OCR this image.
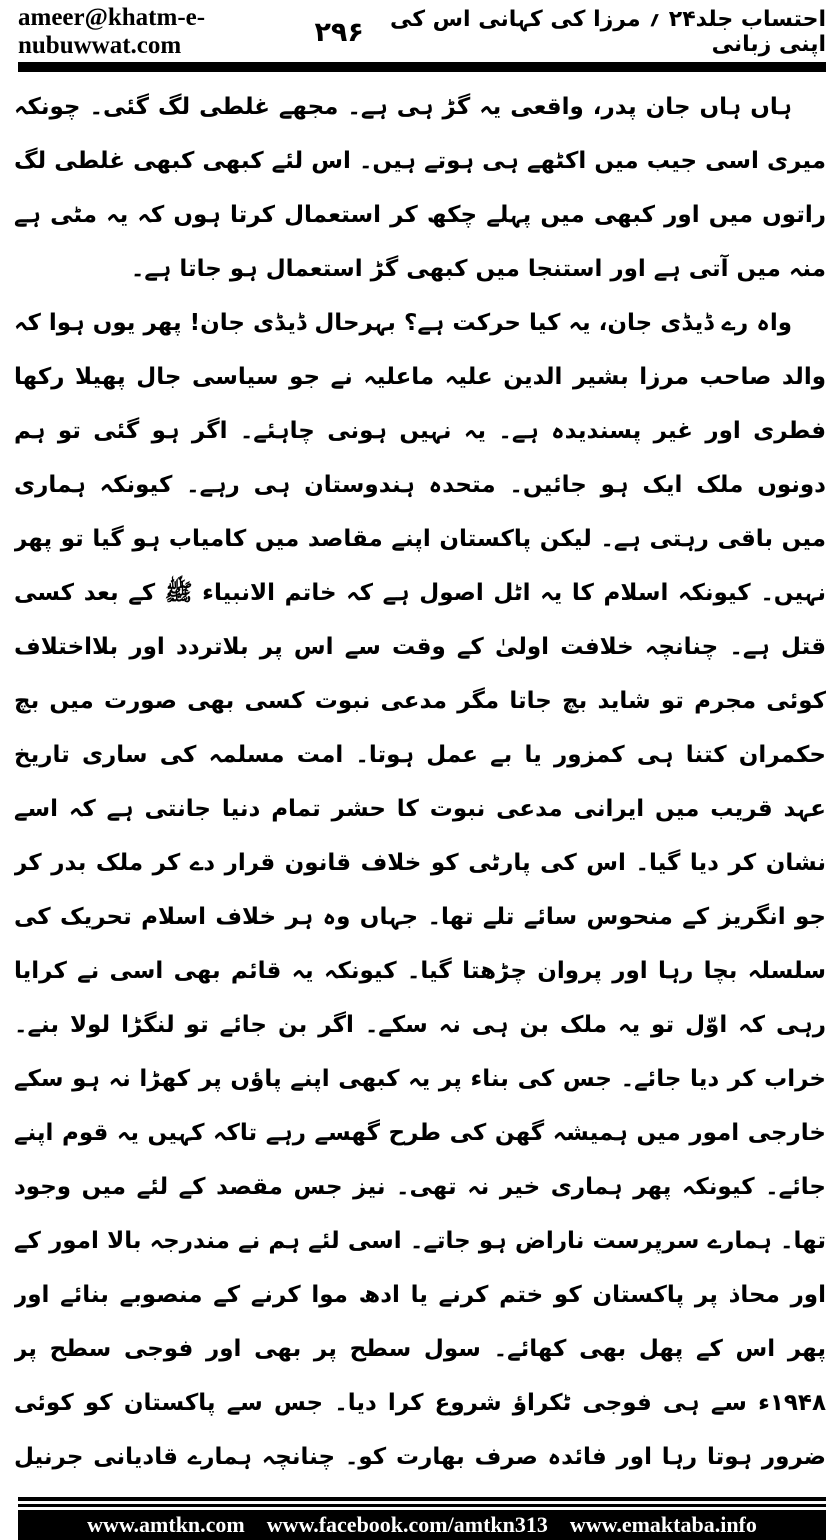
ameer@khatm-e-nubuwwat.com	۲۹۶	احتساب جلد۲۴ ؍ مرزا کی کہانی اس کی اپنی زبانی
ہاں ہاں جان پدر، واقعی یہ گڑ ہی ہے۔ مجھے غلطی لگ گئی۔ چونکہ
میری اسی جیب میں اکٹھے ہی ہوتے ہیں۔ اس لئے کبھی کبھی غلطی لگ
راتوں میں اور کبھی میں پہلے چکھ کر استعمال کرتا ہوں کہ یہ مٹی ہے
منہ میں آتی ہے اور استنجا میں کبھی گڑ استعمال ہو جاتا ہے۔
واہ رے ڈیڈی جان، یہ کیا حرکت ہے؟ بہرحال ڈیڈی جان! پھر یوں ہوا کہ
والد صاحب مرزا بشیر الدین علیہ ماعلیہ نے جو سیاسی جال پھیلا رکھا
فطری اور غیر پسندیدہ ہے۔ یہ نہیں ہونی چاہئے۔ اگر ہو گئی تو ہم
دونوں ملک ایک ہو جائیں۔ متحدہ ہندوستان ہی رہے۔ کیونکہ ہماری
میں باقی رہتی ہے۔ لیکن پاکستان اپنے مقاصد میں کامیاب ہو گیا تو پھر
نہیں۔ کیونکہ اسلام کا یہ اٹل اصول ہے کہ خاتم الانبیاء ﷺ کے بعد کسی
قتل ہے۔ چنانچہ خلافت اولیٰ کے وقت سے اس پر بلاتردد اور بلااختلاف
کوئی مجرم تو شاید بچ جاتا مگر مدعی نبوت کسی بھی صورت میں بچ
حکمران کتنا ہی کمزور یا بے عمل ہوتا۔ امت مسلمہ کی ساری تاریخ
عہد قریب میں ایرانی مدعی نبوت کا حشر تمام دنیا جانتی ہے کہ اسے
نشان کر دیا گیا۔ اس کی پارٹی کو خلاف قانون قرار دے کر ملک بدر کر
جو انگریز کے منحوس سائے تلے تھا۔ جہاں وہ ہر خلاف اسلام تحریک کی
سلسلہ بچا رہا اور پروان چڑھتا گیا۔ کیونکہ یہ قائم بھی اسی نے کرایا
رہی کہ اوّل تو یہ ملک بن ہی نہ سکے۔ اگر بن جائے تو لنگڑا لولا بنے۔
خراب کر دیا جائے۔ جس کی بناء پر یہ کبھی اپنے پاؤں پر کھڑا نہ ہو سکے
خارجی امور میں ہمیشہ گھن کی طرح گھسے رہے تاکہ کہیں یہ قوم اپنے
جائے۔ کیونکہ پھر ہماری خیر نہ تھی۔ نیز جس مقصد کے لئے میں وجود
تھا۔ ہمارے سرپرست ناراض ہو جاتے۔ اسی لئے ہم نے مندرجہ بالا امور کے
اور محاذ پر پاکستان کو ختم کرنے یا ادھ موا کرنے کے منصوبے بنائے اور
پھر اس کے پھل بھی کھائے۔ سول سطح پر بھی اور فوجی سطح پر
۱۹۴۸ء سے ہی فوجی ٹکراؤ شروع کرا دیا۔ جس سے پاکستان کو کوئی
ضرور ہوتا رہا اور فائدہ صرف بھارت کو۔ چنانچہ ہمارے قادیانی جرنیل
www.amtkn.com www.facebook.com/amtkn313 www.emaktaba.info
